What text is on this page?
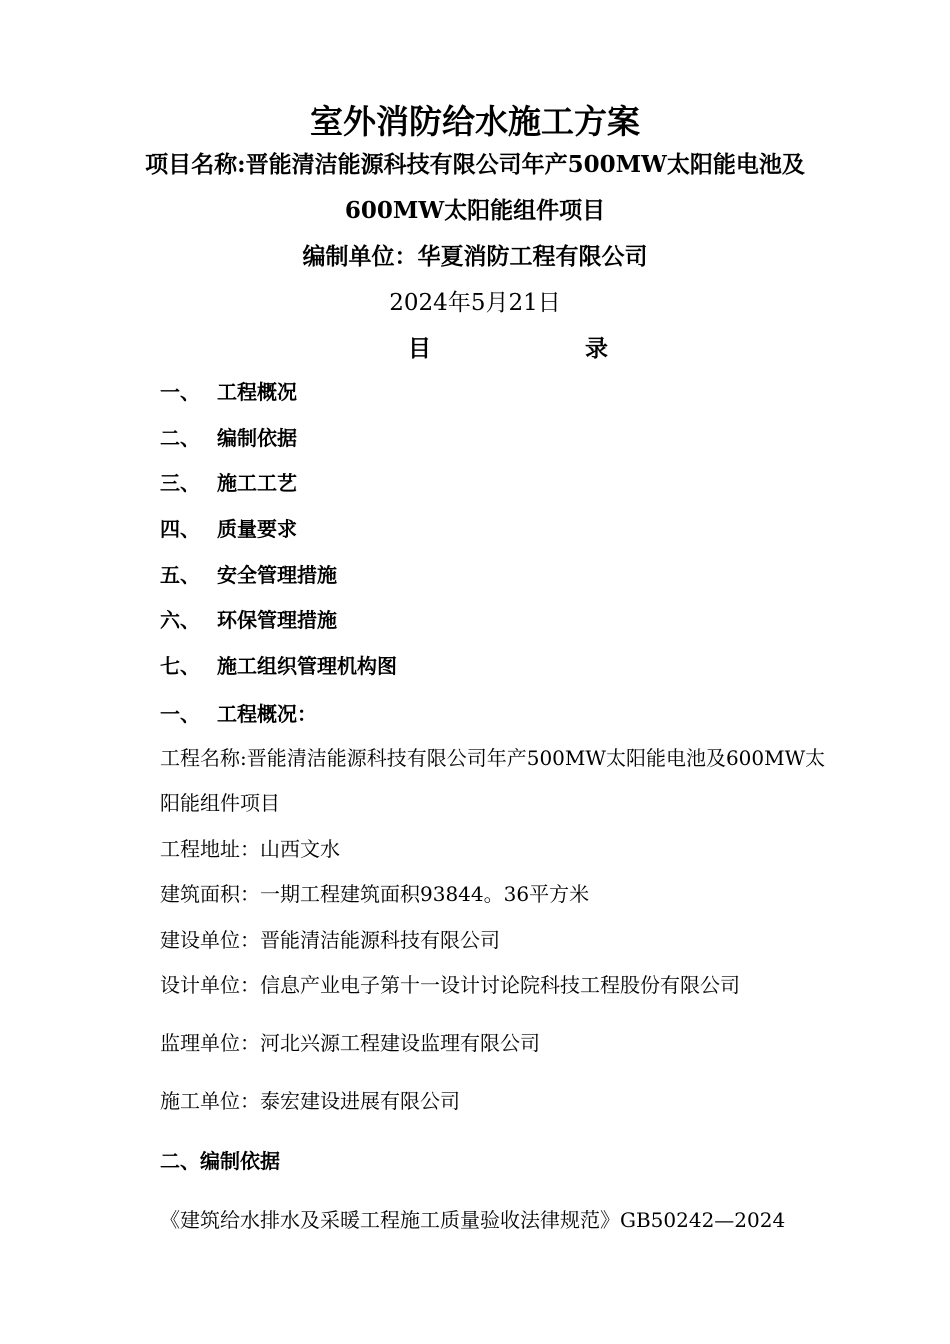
室外消防给水施工方案
项目名称:晋能清洁能源科技有限公司年产500MW太阳能电池及
600MW太阳能组件项目
编制单位：华夏消防工程有限公司
2024年5月21日
目	录
一、 工程概况
二、 编制依据
三、 施工工艺
四、 质量要求
五、 安全管理措施
六、 环保管理措施
七、 施工组织管理机构图
一、 工程概况：
工程名称:晋能清洁能源科技有限公司年产500MW太阳能电池及600MW太
阳能组件项目
工程地址：山西文水
建筑面积：一期工程建筑面积93844。36平方米
建设单位：晋能清洁能源科技有限公司
设计单位：信息产业电子第十一设计讨论院科技工程股份有限公司
监理单位：河北兴源工程建设监理有限公司
施工单位：泰宏建设进展有限公司
二、编制依据
《建筑给水排水及采暖工程施工质量验收法律规范》GB50242—2024
